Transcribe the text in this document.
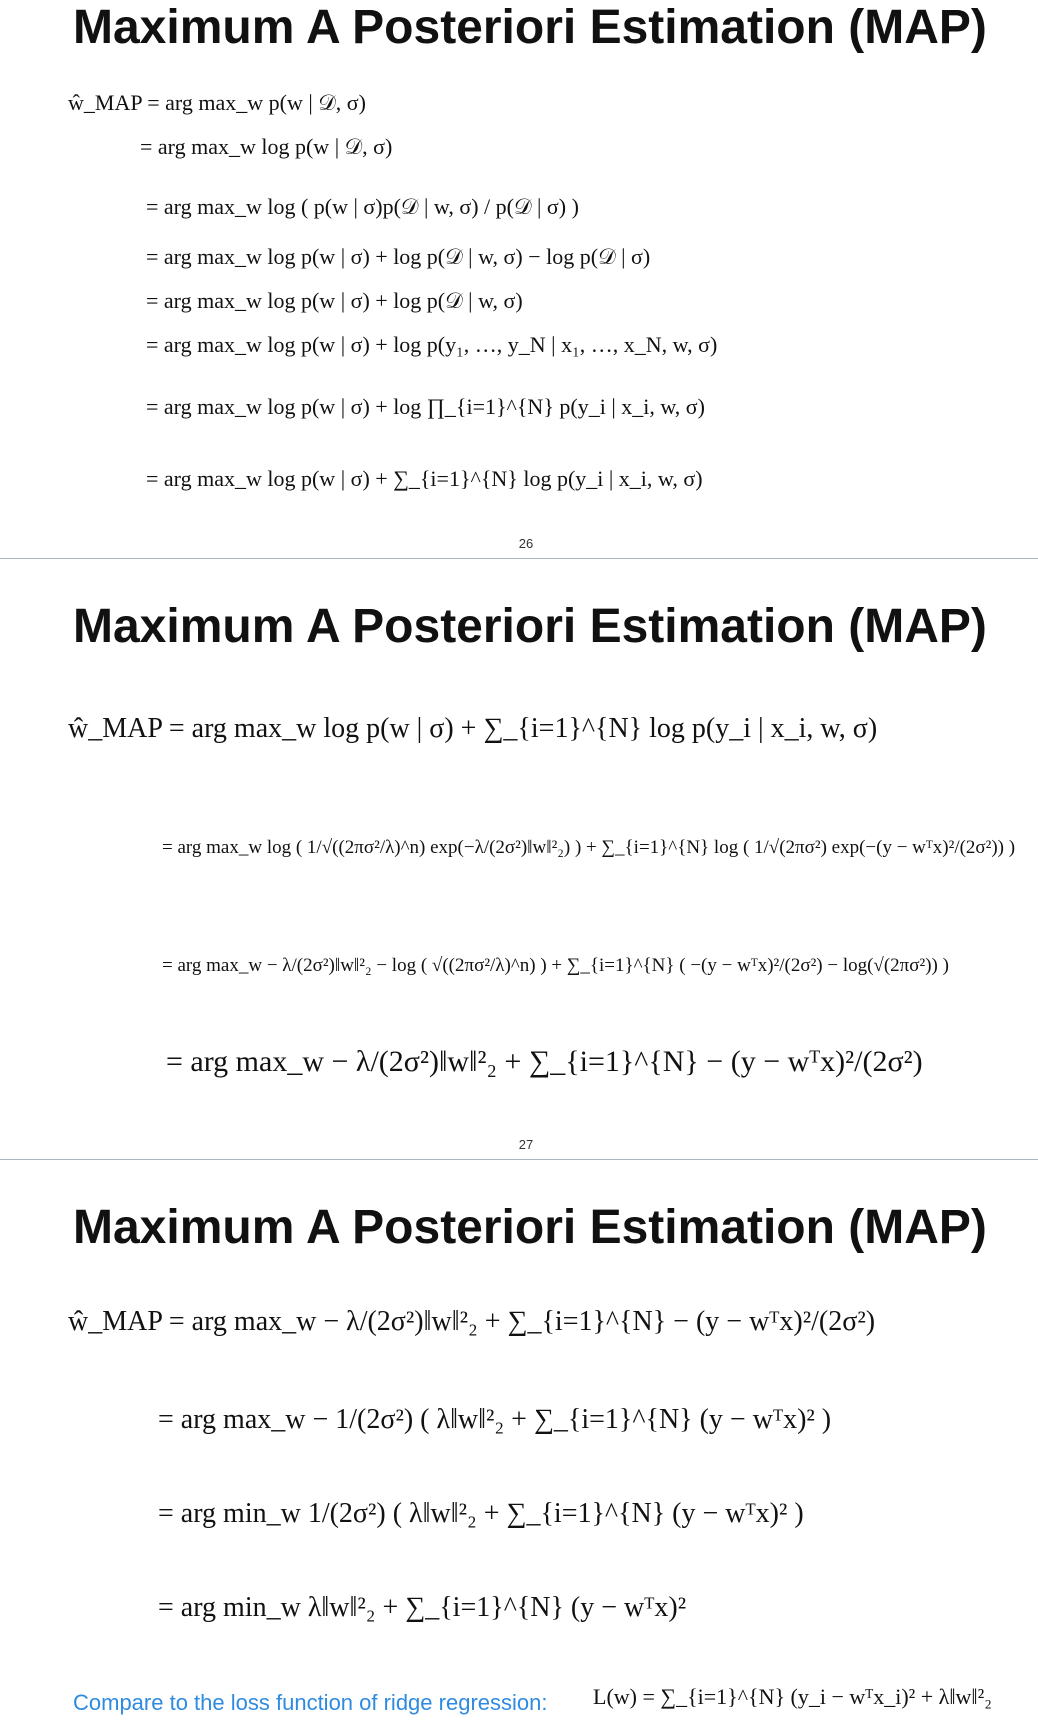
Maximum A Posteriori Estimation (MAP)
ŵ_MAP = arg max_w p(w | 𝒟, σ)
= arg max_w log p(w | 𝒟, σ)
= arg max_w log ( p(w | σ)p(𝒟 | w, σ) / p(𝒟 | σ) )
= arg max_w log p(w | σ) + log p(𝒟 | w, σ) − log p(𝒟 | σ)
= arg max_w log p(w | σ) + log p(𝒟 | w, σ)
= arg max_w log p(w | σ) + log p(y₁, …, y_N | x₁, …, x_N, w, σ)
= arg max_w log p(w | σ) + log ∏_{i=1}^{N} p(y_i | x_i, w, σ)
= arg max_w log p(w | σ) + ∑_{i=1}^{N} log p(y_i | x_i, w, σ)
26
Maximum A Posteriori Estimation (MAP)
ŵ_MAP = arg max_w log p(w | σ) + ∑_{i=1}^{N} log p(y_i | x_i, w, σ)
= arg max_w log ( 1/√((2πσ²/λ)^n) exp(−λ/(2σ²)‖w‖²₂) ) + ∑_{i=1}^{N} log ( 1/√(2πσ²) exp(−(y − wᵀx)²/(2σ²)) )
= arg max_w − λ/(2σ²)‖w‖²₂ − log ( √((2πσ²/λ)^n) ) + ∑_{i=1}^{N} ( −(y − wᵀx)²/(2σ²) − log(√(2πσ²)) )
= arg max_w − λ/(2σ²)‖w‖²₂ + ∑_{i=1}^{N} − (y − wᵀx)²/(2σ²)
27
Maximum A Posteriori Estimation (MAP)
ŵ_MAP = arg max_w − λ/(2σ²)‖w‖²₂ + ∑_{i=1}^{N} − (y − wᵀx)²/(2σ²)
= arg max_w − 1/(2σ²) ( λ‖w‖²₂ + ∑_{i=1}^{N} (y − wᵀx)² )
= arg min_w 1/(2σ²) ( λ‖w‖²₂ + ∑_{i=1}^{N} (y − wᵀx)² )
= arg min_w λ‖w‖²₂ + ∑_{i=1}^{N} (y − wᵀx)²
Compare to the loss function of ridge regression: L(w) = ∑_{i=1}^{N} (y_i − wᵀx_i)² + λ‖w‖²₂
